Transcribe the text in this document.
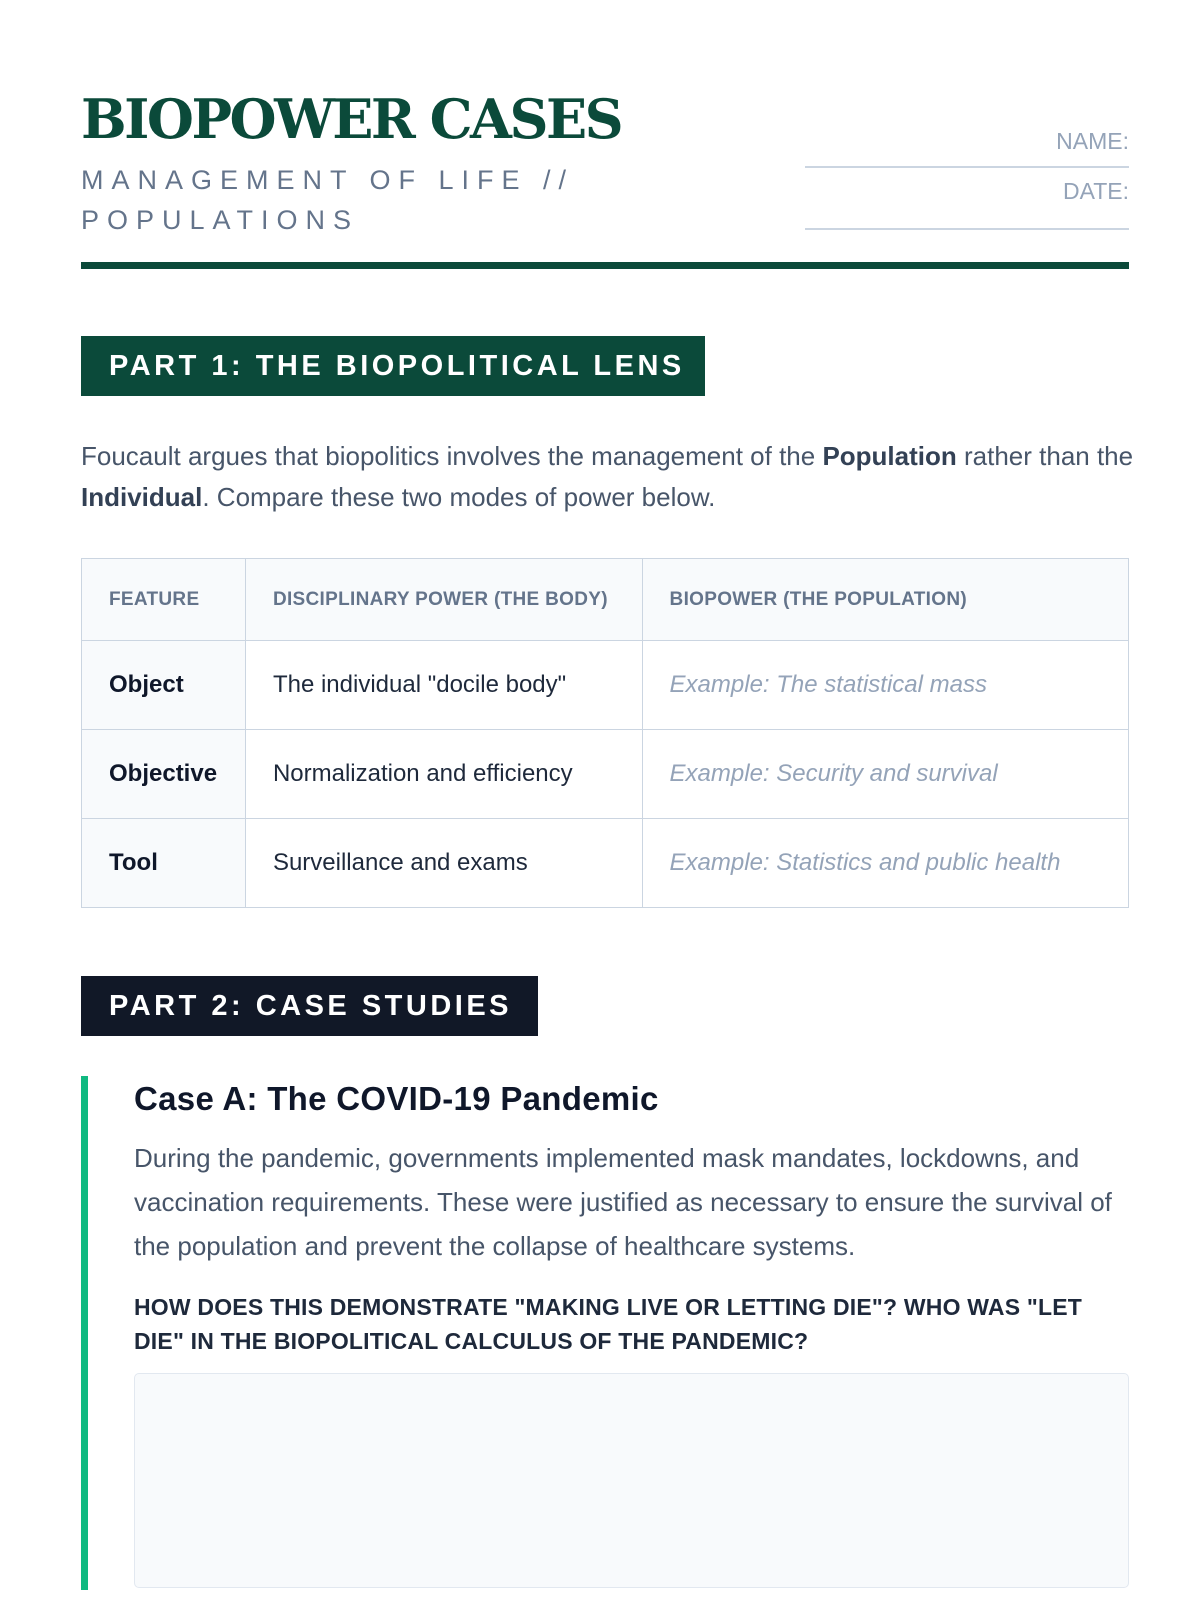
BIOPOWER CASES
MANAGEMENT OF LIFE // POPULATIONS
NAME:
DATE:
PART 1: THE BIOPOLITICAL LENS

Foucault argues that biopolitics involves the management of the Population rather than the Individual. Compare these two modes of power below.

FEATURE	DISCIPLINARY POWER (THE BODY)	BIOPOWER (THE POPULATION)
Object	The individual "docile body"	Example: The statistical mass
Objective	Normalization and efficiency	Example: Security and survival
Tool	Surveillance and exams	Example: Statistics and public health
PART 2: CASE STUDIES
Case A: The COVID-19 Pandemic

During the pandemic, governments implemented mask mandates, lockdowns, and vaccination requirements. These were justified as necessary to ensure the survival of the population and prevent the collapse of healthcare systems.

HOW DOES THIS DEMONSTRATE "MAKING LIVE OR LETTING DIE"? WHO WAS "LET DIE" IN THE BIOPOLITICAL CALCULUS OF THE PANDEMIC?
